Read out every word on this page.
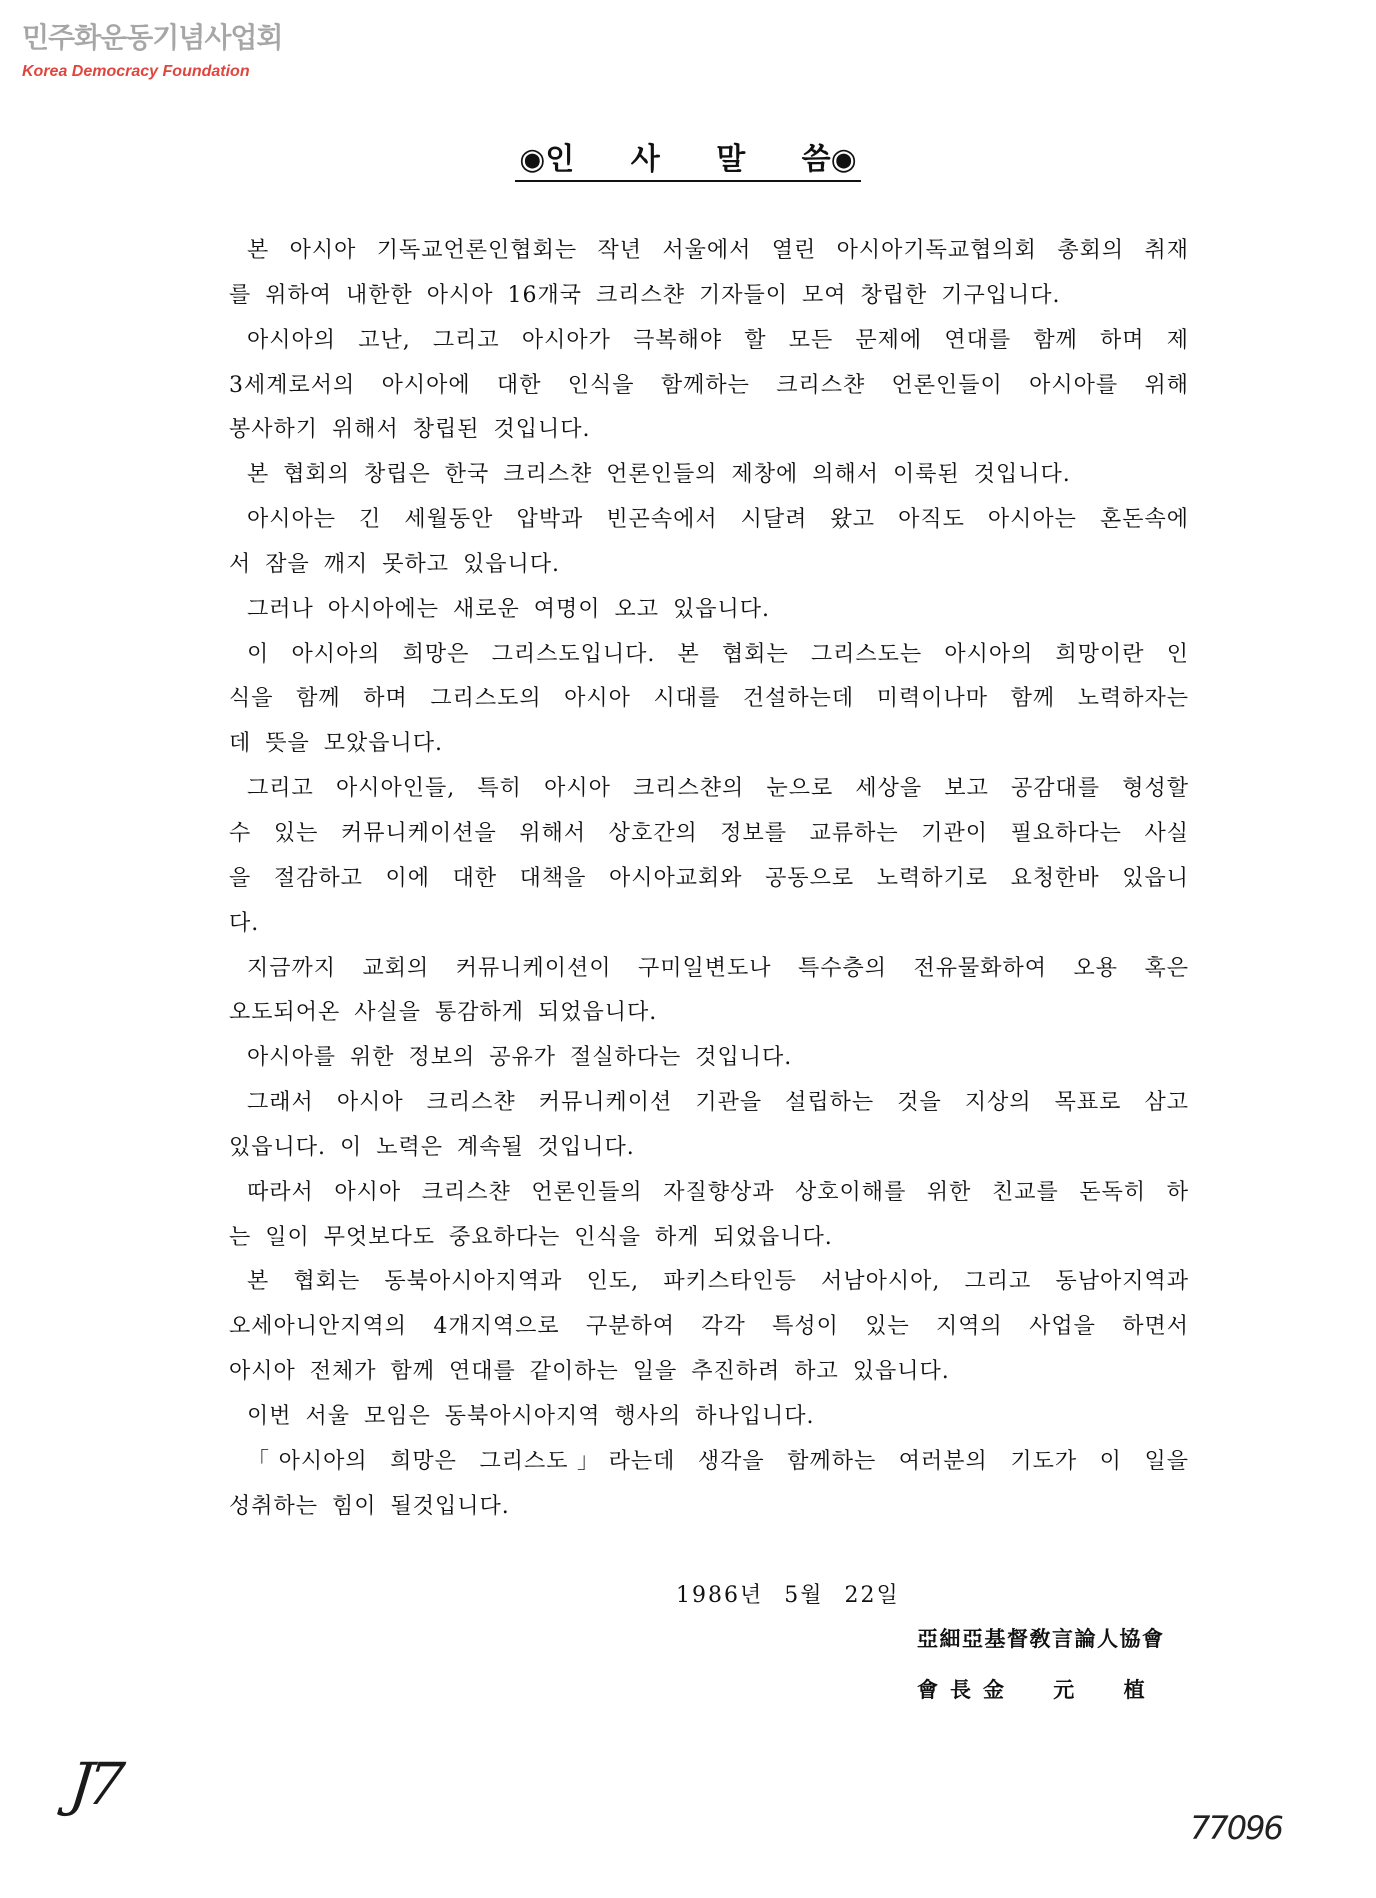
민주화운동기념사업회
Korea Democracy Foundation
◉인 사 말 씀◉
본 아시아 기독교언론인협회는 작년 서울에서 열린 아시아기독교협의회 총회의 취재
를 위하여 내한한 아시아 16개국 크리스챤 기자들이 모여 창립한 기구입니다.
아시아의 고난, 그리고 아시아가 극복해야 할 모든 문제에 연대를 함께 하며 제
3세계로서의 아시아에 대한 인식을 함께하는 크리스챤 언론인들이 아시아를 위해
봉사하기 위해서 창립된 것입니다.
본 협회의 창립은 한국 크리스챤 언론인들의 제창에 의해서 이룩된 것입니다.
아시아는 긴 세월동안 압박과 빈곤속에서 시달려 왔고 아직도 아시아는 혼돈속에
서 잠을 깨지 못하고 있읍니다.
그러나 아시아에는 새로운 여명이 오고 있읍니다.
이 아시아의 희망은 그리스도입니다. 본 협회는 그리스도는 아시아의 희망이란 인
식을 함께 하며 그리스도의 아시아 시대를 건설하는데 미력이나마 함께 노력하자는
데 뜻을 모았읍니다.
그리고 아시아인들, 특히 아시아 크리스챤의 눈으로 세상을 보고 공감대를 형성할
수 있는 커뮤니케이션을 위해서 상호간의 정보를 교류하는 기관이 필요하다는 사실
을 절감하고 이에 대한 대책을 아시아교회와 공동으로 노력하기로 요청한바 있읍니
다.
지금까지 교회의 커뮤니케이션이 구미일변도나 특수층의 전유물화하여 오용 혹은
오도되어온 사실을 통감하게 되었읍니다.
아시아를 위한 정보의 공유가 절실하다는 것입니다.
그래서 아시아 크리스챤 커뮤니케이션 기관을 설립하는 것을 지상의 목표로 삼고
있읍니다. 이 노력은 계속될 것입니다.
따라서 아시아 크리스챤 언론인들의 자질향상과 상호이해를 위한 친교를 돈독히 하
는 일이 무엇보다도 중요하다는 인식을 하게 되었읍니다.
본 협회는 동북아시아지역과 인도, 파키스타인등 서남아시아, 그리고 동남아지역과
오세아니안지역의 4개지역으로 구분하여 각각 특성이 있는 지역의 사업을 하면서
아시아 전체가 함께 연대를 같이하는 일을 추진하려 하고 있읍니다.
이번 서울 모임은 동북아시아지역 행사의 하나입니다.
「아시아의 희망은 그리스도」라는데 생각을 함께하는 여러분의 기도가 이 일을
성취하는 힘이 될것입니다.
1986년 5월 22일
亞細亞基督敎言論人協會
會長金 元 植
J7
77096
